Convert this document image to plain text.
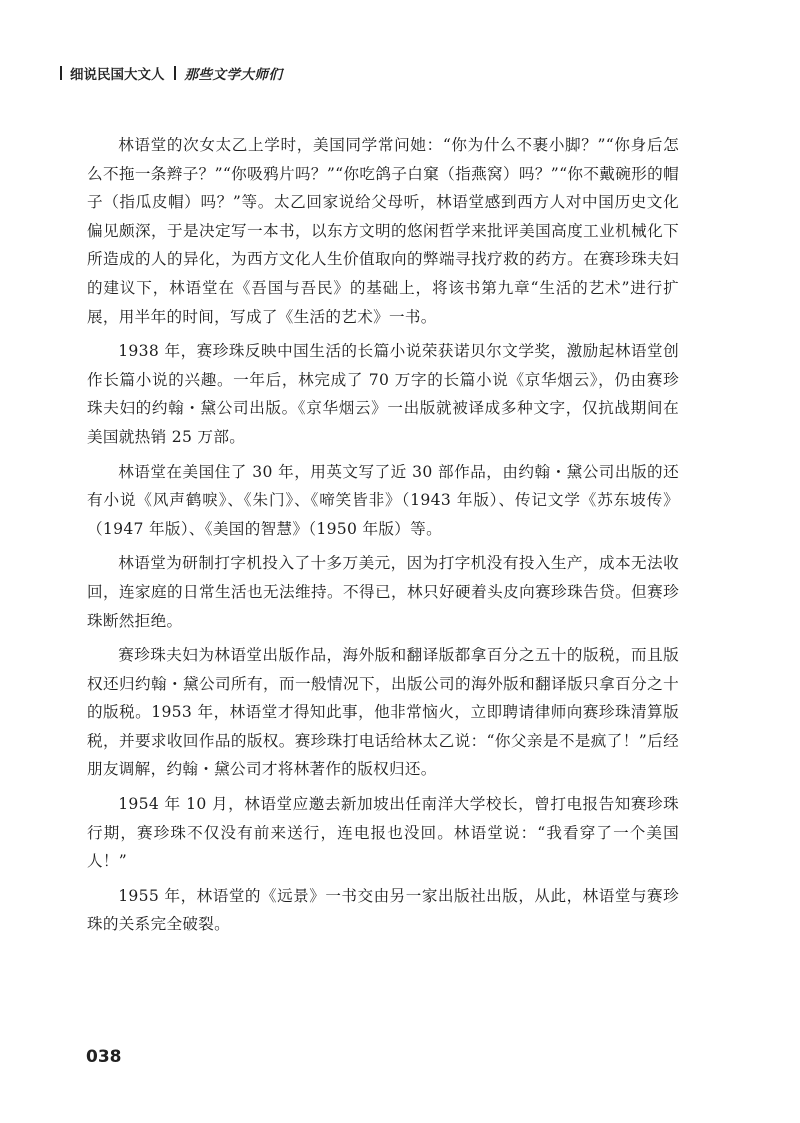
细说民国大文人 那些文学大师们

林语堂的次女太乙上学时，美国同学常问她：“你为什么不裹小脚？”“你身后怎么不拖一条辫子？”“你吸鸦片吗？”“你吃鸽子白窠（指燕窝）吗？”“你不戴碗形的帽子（指瓜皮帽）吗？”等。太乙回家说给父母听，林语堂感到西方人对中国历史文化偏见颇深，于是决定写一本书，以东方文明的悠闲哲学来批评美国高度工业机械化下所造成的人的异化，为西方文化人生价值取向的弊端寻找疗救的药方。在赛珍珠夫妇的建议下，林语堂在《吾国与吾民》的基础上，将该书第九章“生活的艺术”进行扩展，用半年的时间，写成了《生活的艺术》一书。

1938 年，赛珍珠反映中国生活的长篇小说荣获诺贝尔文学奖，激励起林语堂创作长篇小说的兴趣。一年后，林完成了 70 万字的长篇小说《京华烟云》，仍由赛珍珠夫妇的约翰・黛公司出版。《京华烟云》一出版就被译成多种文字，仅抗战期间在美国就热销 25 万部。

林语堂在美国住了 30 年，用英文写了近 30 部作品，由约翰・黛公司出版的还有小说《风声鹤唳》、《朱门》、《啼笑皆非》（1943 年版）、传记文学《苏东坡传》（1947 年版）、《美国的智慧》（1950 年版）等。

林语堂为研制打字机投入了十多万美元，因为打字机没有投入生产，成本无法收回，连家庭的日常生活也无法维持。不得已，林只好硬着头皮向赛珍珠告贷。但赛珍珠断然拒绝。

赛珍珠夫妇为林语堂出版作品，海外版和翻译版都拿百分之五十的版税，而且版权还归约翰・黛公司所有，而一般情况下，出版公司的海外版和翻译版只拿百分之十的版税。1953 年，林语堂才得知此事，他非常恼火，立即聘请律师向赛珍珠清算版税，并要求收回作品的版权。赛珍珠打电话给林太乙说：“你父亲是不是疯了！”后经朋友调解，约翰・黛公司才将林著作的版权归还。

1954 年 10 月，林语堂应邀去新加坡出任南洋大学校长，曾打电报告知赛珍珠行期，赛珍珠不仅没有前来送行，连电报也没回。林语堂说：“我看穿了一个美国人！”

1955 年，林语堂的《远景》一书交由另一家出版社出版，从此，林语堂与赛珍珠的关系完全破裂。

038
